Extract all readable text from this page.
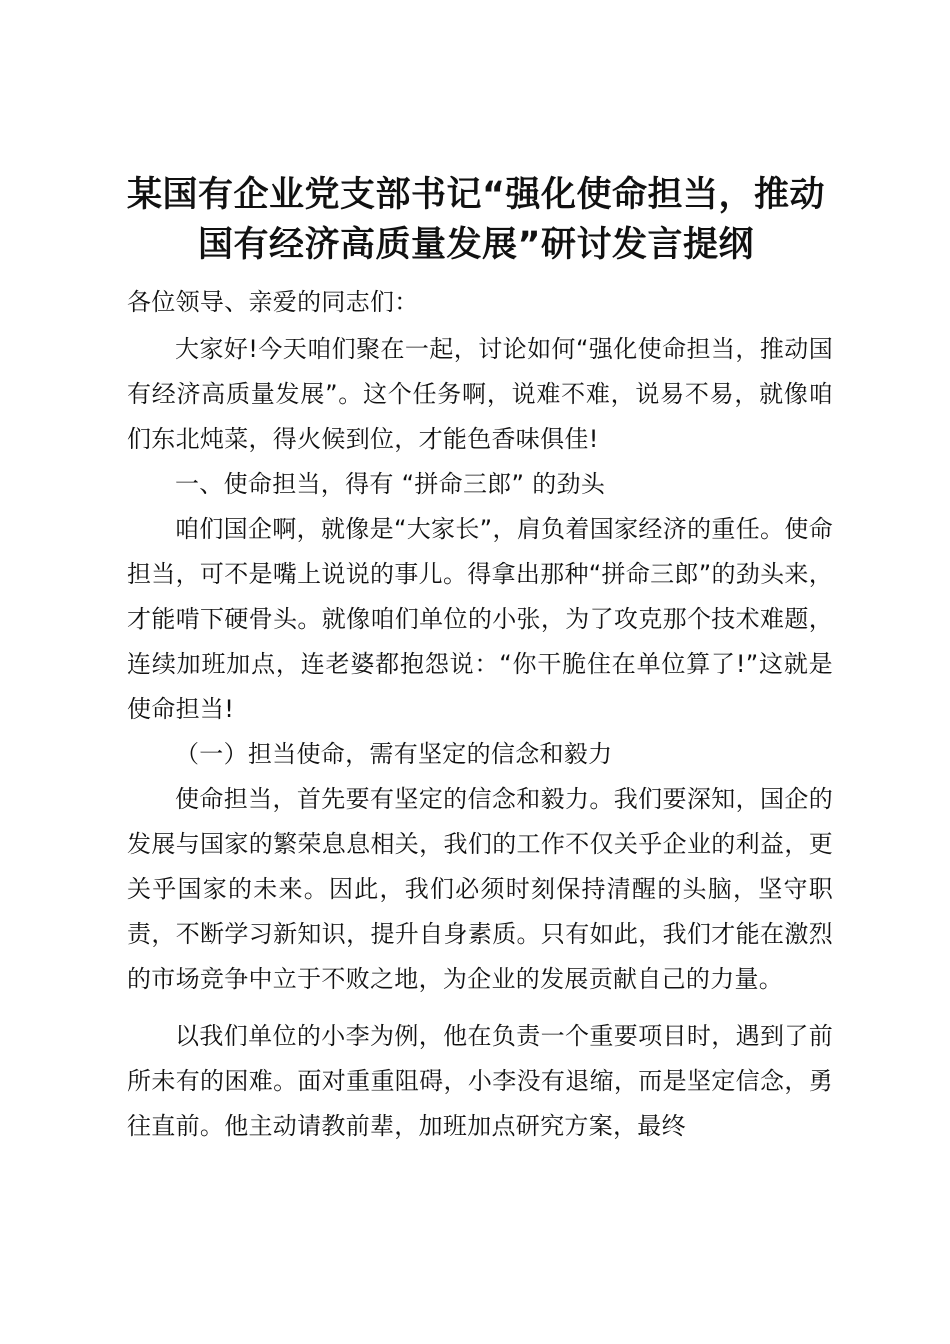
某国有企业党支部书记“强化使命担当，推动
国有经济高质量发展”研讨发言提纲

各位领导、亲爱的同志们：

大家好!今天咱们聚在一起，讨论如何“强化使命担当，推动国有经济高质量发展”。这个任务啊，说难不难，说易不易，就像咱们东北炖菜，得火候到位，才能色香味俱佳!

一、使命担当，得有 “拼命三郎” 的劲头

咱们国企啊，就像是“大家长”，肩负着国家经济的重任。使命担当，可不是嘴上说说的事儿。得拿出那种“拼命三郎”的劲头来，才能啃下硬骨头。就像咱们单位的小张，为了攻克那个技术难题，连续加班加点，连老婆都抱怨说：“你干脆住在单位算了!”这就是使命担当!

（一）担当使命，需有坚定的信念和毅力

使命担当，首先要有坚定的信念和毅力。我们要深知，国企的发展与国家的繁荣息息相关，我们的工作不仅关乎企业的利益，更关乎国家的未来。因此，我们必须时刻保持清醒的头脑，坚守职责，不断学习新知识，提升自身素质。只有如此，我们才能在激烈的市场竞争中立于不败之地，为企业的发展贡献自己的力量。

以我们单位的小李为例，他在负责一个重要项目时，遇到了前所未有的困难。面对重重阻碍，小李没有退缩，而是坚定信念，勇往直前。他主动请教前辈，加班加点研究方案，最终
